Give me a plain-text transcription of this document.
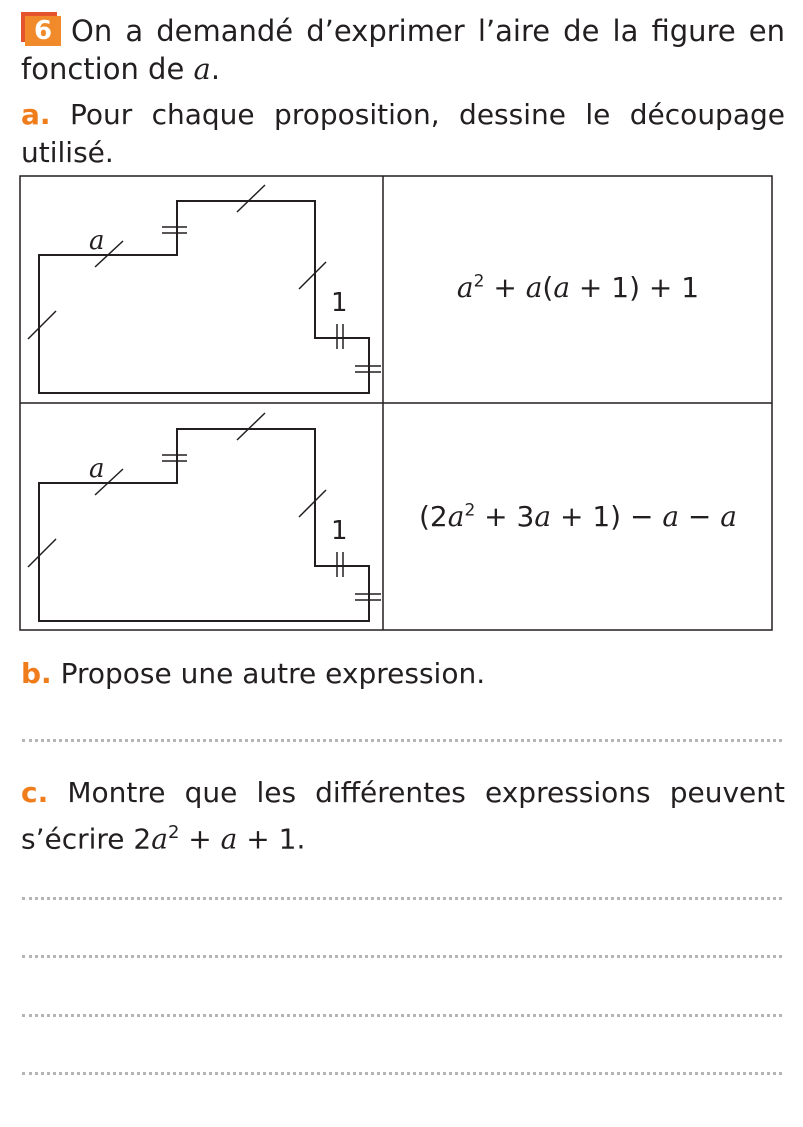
6 On a demandé d’exprimer l’aire de la figure en fonction de a.
a. Pour chaque proposition, dessine le découpage utilisé.
a
1
a
1
$a^2 + a(a + 1) + 1$
$(2a^2 + 3a + 1) - a - a$
b. Propose une autre expression.
c. Montre que les différentes expressions peuvent s’écrire $2a^2 + a + 1$.
